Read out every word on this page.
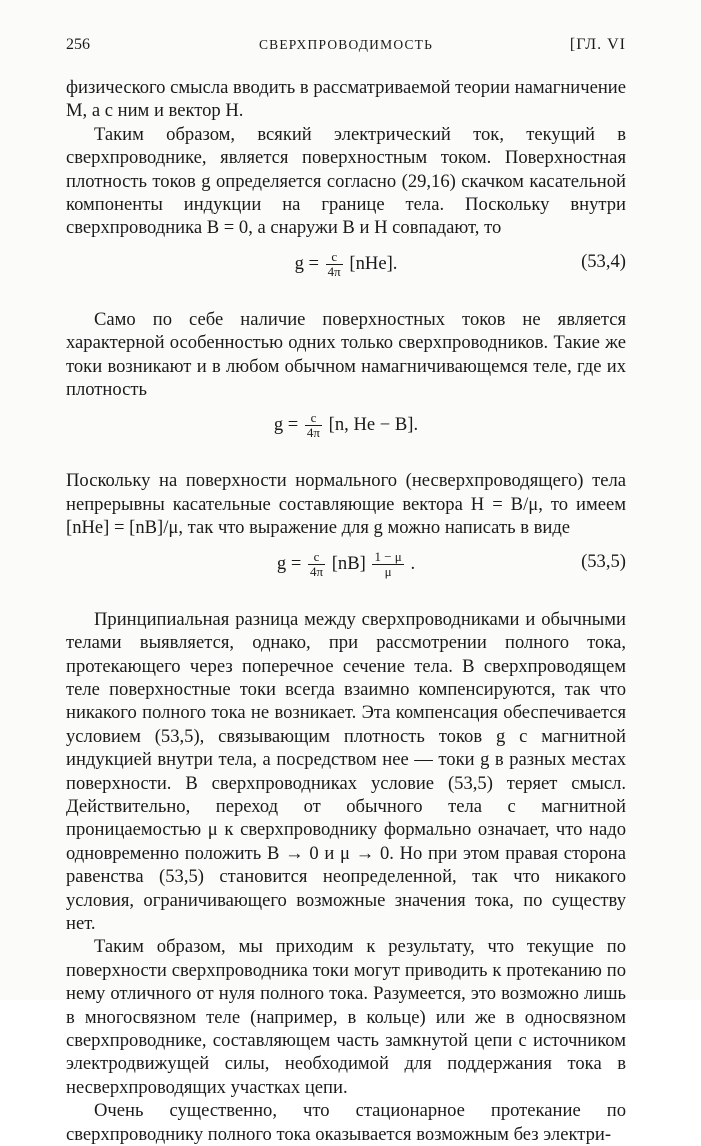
256	СВЕРХПРОВОДИМОСТЬ	[ГЛ. VI

физического смысла вводить в рассматриваемой теории намагничение M, а с ним и вектор H.

Таким образом, всякий электрический ток, текущий в сверхпроводнике, является поверхностным током. Поверхностная плотность токов g определяется согласно (29,16) скачком касательной компоненты индукции на границе тела. Поскольку внутри сверхпроводника B = 0, а снаружи B и H совпадают, то

$g = \frac{c}{4\pi} [nHe]$.	(53,4)

Само по себе наличие поверхностных токов не является характерной особенностью одних только сверхпроводников. Такие же токи возникают и в любом обычном намагничивающемся теле, где их плотность

$g = \frac{c}{4\pi} [n$, He − B].

Поскольку на поверхности нормального (несверхпроводящего) тела непрерывны касательные составляющие вектора H = B/μ, то имеем [nHe] = [nB]/μ, так что выражение для g можно написать в виде

$g = \frac{c}{4\pi} [nB] \frac{1 - \mu}{\mu}$ .	(53,5)

Принципиальная разница между сверхпроводниками и обычными телами выявляется, однако, при рассмотрении полного тока, протекающего через поперечное сечение тела. В сверхпроводящем теле поверхностные токи всегда взаимно компенсируются, так что никакого полного тока не возникает. Эта компенсация обеспечивается условием (53,5), связывающим плотность токов g с магнитной индукцией внутри тела, а посредством нее — токи g в разных местах поверхности. В сверхпроводниках условие (53,5) теряет смысл. Действительно, переход от обычного тела с магнитной проницаемостью μ к сверхпроводнику формально означает, что надо одновременно положить B → 0 и μ → 0. Но при этом правая сторона равенства (53,5) становится неопределенной, так что никакого условия, ограничивающего возможные значения тока, по существу нет.

Таким образом, мы приходим к результату, что текущие по поверхности сверхпроводника токи могут приводить к протеканию по нему отличного от нуля полного тока. Разумеется, это возможно лишь в многосвязном теле (например, в кольце) или же в односвязном сверхпроводнике, составляющем часть замкнутой цепи с источником электродвижущей силы, необходимой для поддержания тока в несверхпроводящих участках цепи.

Очень существенно, что стационарное протекание по сверхпроводнику полного тока оказывается возможным без электри-
